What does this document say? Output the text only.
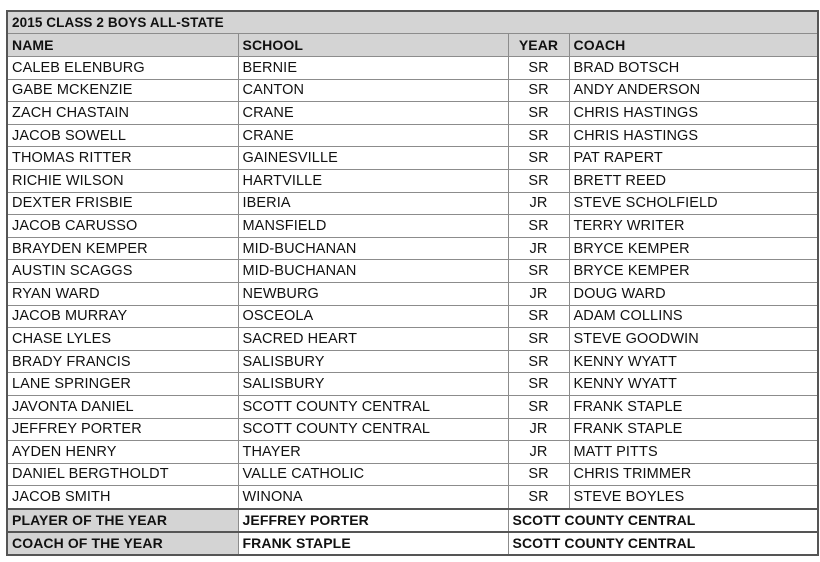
2015 CLASS 2 BOYS ALL-STATE			
NAME	SCHOOL	YEAR	COACH
CALEB ELENBURG	BERNIE	SR	BRAD BOTSCH
GABE MCKENZIE	CANTON	SR	ANDY ANDERSON
ZACH CHASTAIN	CRANE	SR	CHRIS HASTINGS
JACOB SOWELL	CRANE	SR	CHRIS HASTINGS
THOMAS RITTER	GAINESVILLE	SR	PAT RAPERT
RICHIE WILSON	HARTVILLE	SR	BRETT REED
DEXTER FRISBIE	IBERIA	JR	STEVE SCHOLFIELD
JACOB CARUSSO	MANSFIELD	SR	TERRY WRITER
BRAYDEN KEMPER	MID-BUCHANAN	JR	BRYCE KEMPER
AUSTIN SCAGGS	MID-BUCHANAN	SR	BRYCE KEMPER
RYAN WARD	NEWBURG	JR	DOUG WARD
JACOB MURRAY	OSCEOLA	SR	ADAM COLLINS
CHASE LYLES	SACRED HEART	SR	STEVE GOODWIN
BRADY FRANCIS	SALISBURY	SR	KENNY WYATT
LANE SPRINGER	SALISBURY	SR	KENNY WYATT
JAVONTA DANIEL	SCOTT COUNTY CENTRAL	SR	FRANK STAPLE
JEFFREY PORTER	SCOTT COUNTY CENTRAL	JR	FRANK STAPLE
AYDEN HENRY	THAYER	JR	MATT PITTS
DANIEL BERGTHOLDT	VALLE CATHOLIC	SR	CHRIS TRIMMER
JACOB SMITH	WINONA	SR	STEVE BOYLES
PLAYER OF THE YEAR	JEFFREY PORTER	SCOTT COUNTY CENTRAL	
COACH OF THE YEAR	FRANK STAPLE	SCOTT COUNTY CENTRAL	
